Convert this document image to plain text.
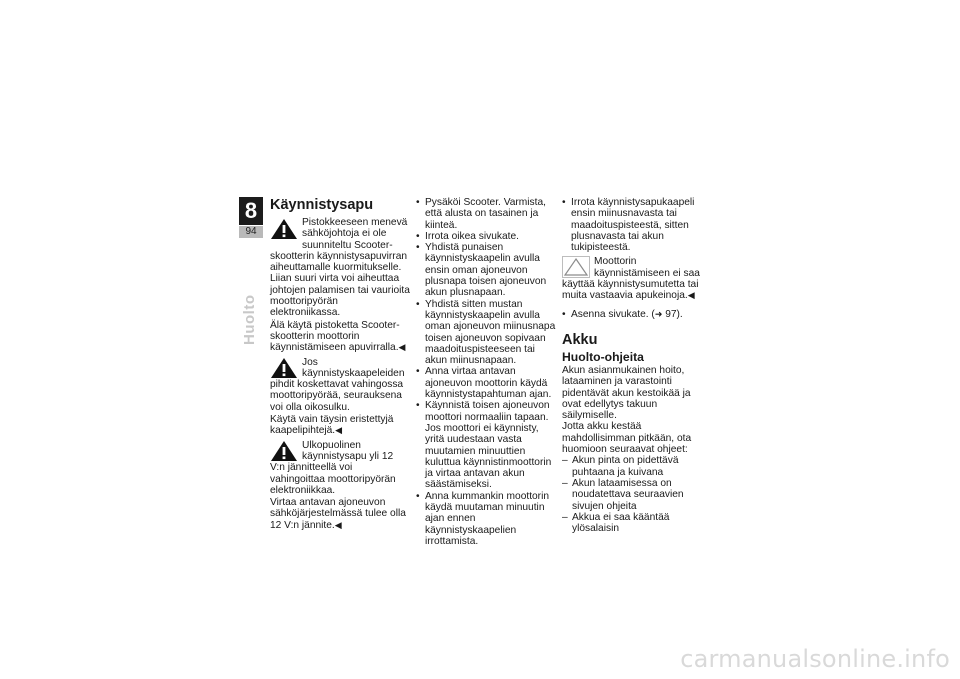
8
94
Huolto
Käynnistysapu
Pistokkeeseen menevä sähköjohtoja ei ole suunniteltu Scooter-skootterin käynnistysapuvirran aiheuttamalle kuormitukselle. Liian suuri virta voi aiheuttaa johtojen palamisen tai vaurioita moottoripyörän elektroniikassa.

Älä käytä pistoketta Scooter-skootterin moottorin käynnistämiseen apuvirralla.◀

Jos käynnistyskaapeleiden pihdit koskettavat vahingossa moottoripyörää, seurauksena voi olla oikosulku.

Käytä vain täysin eristettyjä kaapelipihtejä.◀

Ulkopuolinen käynnistysapu yli 12 V:n jännitteellä voi vahingoittaa moottoripyörän elektroniikkaa.

Virtaa antavan ajoneuvon sähköjärjestelmässä tulee olla 12 V:n jännite.◀

• Pysäköi Scooter. Varmista, että alusta on tasainen ja kiinteä.
• Irrota oikea sivukate.
• Yhdistä punaisen käynnistyskaapelin avulla ensin oman ajoneuvon plusnapa toisen ajoneuvon akun plusnapaan.
• Yhdistä sitten mustan käynnistyskaapelin avulla oman ajoneuvon miinusnapa toisen ajoneuvon sopivaan maadoituspisteeseen tai akun miinusnapaan.
• Anna virtaa antavan ajoneuvon moottorin käydä käynnistystapahtuman ajan.
• Käynnistä toisen ajoneuvon moottori normaaliin tapaan. Jos moottori ei käynnisty, yritä uudestaan vasta muutamien minuuttien kuluttua käynnistinmoottorin ja virtaa antavan akun säästämiseksi.
• Anna kummankin moottorin käydä muutaman minuutin ajan ennen käynnistyskaapelien irrottamista.
• Irrota käynnistysapukaapeli ensin miinusnavasta tai maadoituspisteestä, sitten plusnavasta tai akun tukipisteestä.
Moottorin käynnistämiseen ei saa käyttää käynnistysumutetta tai muita vastaavia apukeinoja.◀
• Asenna sivukate. (➜ 97).
Akku
Huolto-ohjeita

Akun asianmukainen hoito, lataaminen ja varastointi pidentävät akun kestoikää ja ovat edellytys takuun säilymiselle.

Jotta akku kestää mahdollisimman pitkään, ota huomioon seuraavat ohjeet:

– Akun pinta on pidettävä puhtaana ja kuivana
– Akun lataamisessa on noudatettava seuraavien sivujen ohjeita
– Akkua ei saa kääntää ylösalaisin
carmanualsonline.info
